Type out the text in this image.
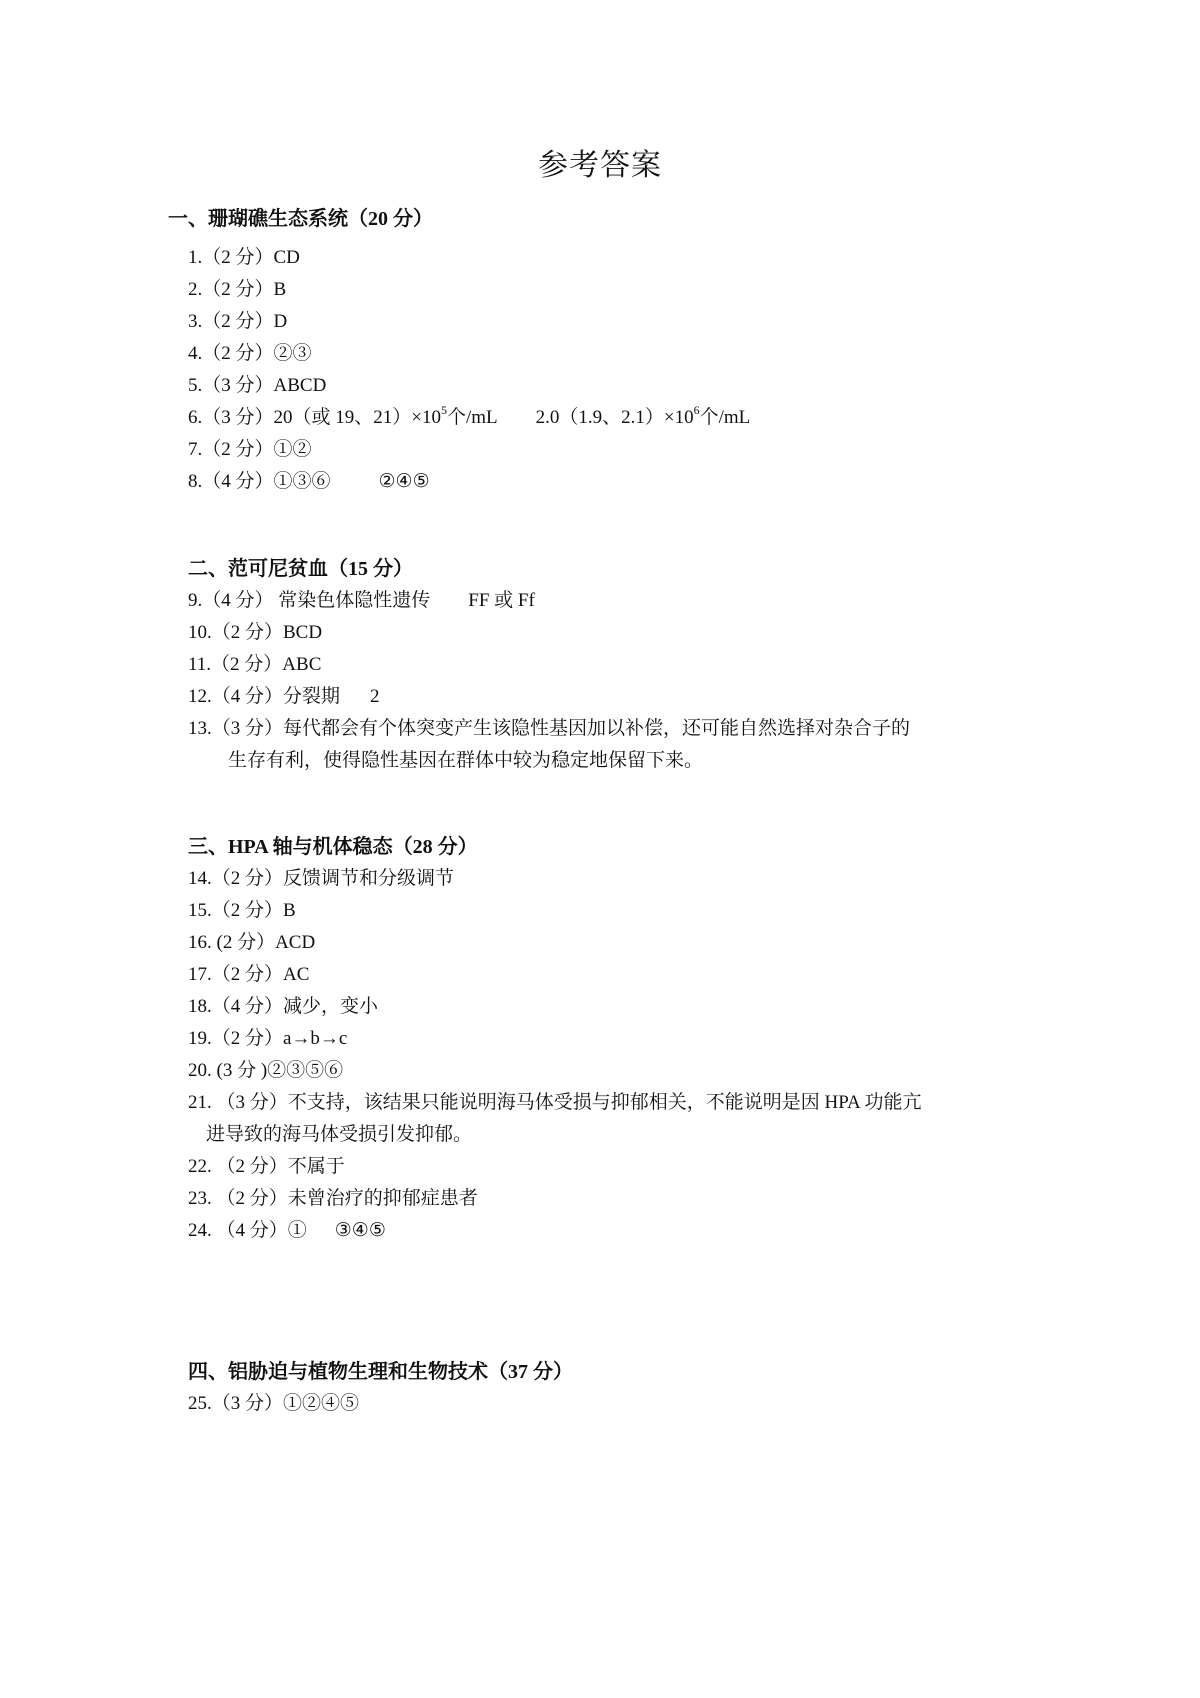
参考答案
一、珊瑚礁生态系统（20 分）
1.（2 分）CD
2.（2 分）B
3.（2 分）D
4.（2 分）②③
5.（3 分）ABCD
6.（3 分）20（或 19、$21)\times 10^5$个/mL 2.0（1.9、$2.1)\times 10^6$个/mL
7.（2 分）①②
8.（4 分）①③⑥	②④⑤
二、范可尼贫血（15 分）
9.（4 分） 常染色体隐性遗传 FF 或 Ff
10.（2 分）BCD
11.（2 分）ABC
12.（4 分）分裂期 2
13.（3 分）每代都会有个体突变产生该隐性基因加以补偿，还可能自然选择对杂合子的
生存有利，使得隐性基因在群体中较为稳定地保留下来。
三、HPA 轴与机体稳态（28 分）
14.（2 分）反馈调节和分级调节
15.（2 分）B
16. (2 分）ACD
17.（2 分）AC
18.（4 分）减少，变小
19.（2 分）a→b→c
20. (3 分 )②③⑤⑥
21. （3 分）不支持，该结果只能说明海马体受损与抑郁相关，不能说明是因 HPA 功能亢
进导致的海马体受损引发抑郁。
22. （2 分）不属于
23. （2 分）未曾治疗的抑郁症患者
24. （4 分）① ③④⑤
四、铝胁迫与植物生理和生物技术（37 分）
25.（3 分）①②④⑤
